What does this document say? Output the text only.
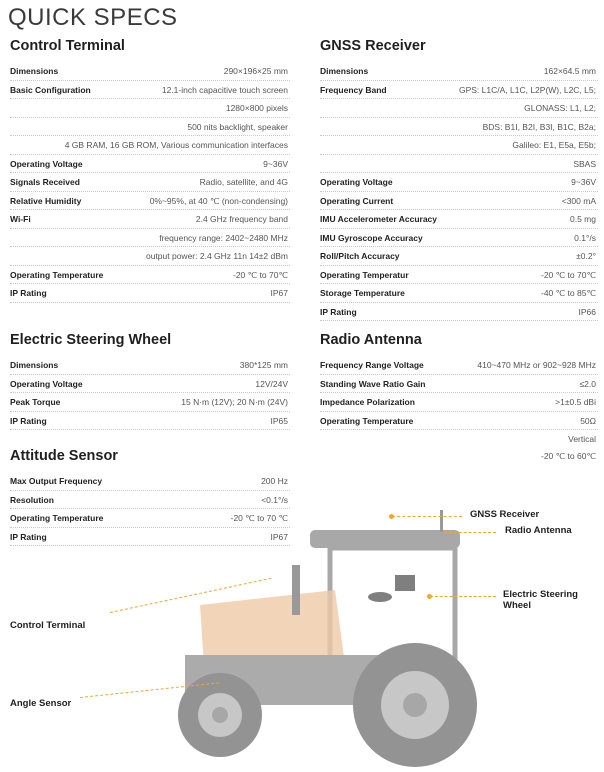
QUICK SPECS
Control Terminal
Dimensions	290×196×25 mm
Basic Configuration	12.1-inch capacitive touch screen
1280×800 pixels
500 nits backlight, speaker
4 GB RAM, 16 GB ROM, Various communication interfaces
Operating Voltage	9~36V
Signals Received	Radio, satellite, and 4G
Relative Humidity	0%~95%, at 40 ℃ (non-condensing)
Wi-Fi	2.4 GHz frequency band
frequency range: 2402~2480 MHz
output power: 2.4 GHz 11n 14±2 dBm
Operating Temperature	-20 ℃ to 70℃
IP Rating	IP67
GNSS Receiver
Dimensions	162×64.5 mm
Frequency Band	GPS: L1C/A, L1C, L2P(W), L2C, L5;
GLONASS: L1, L2;
BDS: B1I, B2I, B3I, B1C, B2a;
Galileo: E1, E5a, E5b;
SBAS
Operating Voltage	9~36V
Operating Current	<300 mA
IMU Accelerometer Accuracy	0.5 mg
IMU Gyroscope Accuracy	0.1°/s
Roll/Pitch Accuracy	±0.2°
Operating Temperatur	-20 ℃ to 70℃
Storage Temperature	-40 ℃ to 85℃
IP Rating	IP66
Electric Steering Wheel
Dimensions	380*125 mm
Operating Voltage	12V/24V
Peak Torque	15 N·m (12V); 20 N·m (24V)
IP Rating	IP65
Radio Antenna
Frequency Range Voltage	410~470 MHz or 902~928 MHz
Standing Wave Ratio Gain	≤2.0
Impedance Polarization	>1±0.5 dBi
Operating Temperature	50Ω
Vertical
-20 ℃ to 60℃
Attitude Sensor
Max Output Frequency	200 Hz
Resolution	<0.1°/s
Operating Temperature	-20 ℃ to 70 ℃
IP Rating	IP67
GNSS Receiver
Radio Antenna
Electric Steering Wheel
Control Terminal
Angle Sensor
